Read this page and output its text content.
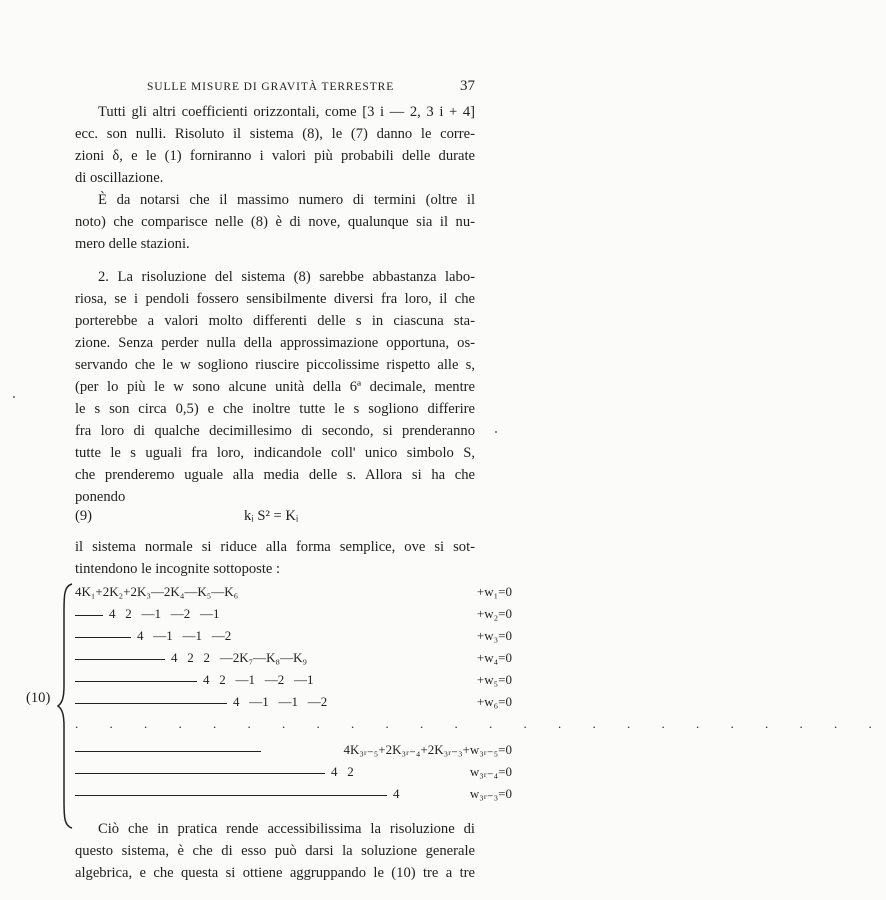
SULLE MISURE DI GRAVITÀ TERRESTRE	37
Tutti gli altri coefficienti orizzontali, come [3 i — 2, 3 i + 4]
ecc. son nulli. Risoluto il sistema (8), le (7) danno le corre-
zioni δ, e le (1) forniranno i valori più probabili delle durate
di oscillazione.
È da notarsi che il massimo numero di termini (oltre il
noto) che comparisce nelle (8) è di nove, qualunque sia il nu-
mero delle stazioni.
2. La risoluzione del sistema (8) sarebbe abbastanza labo-
riosa, se i pendoli fossero sensibilmente diversi fra loro, il che
porterebbe a valori molto differenti delle s in ciascuna sta-
zione. Senza perder nulla della approssimazione opportuna, os-
servando che le w sogliono riuscire piccolissime rispetto alle s,
(per lo più le w sono alcune unità della 6ª decimale, mentre
le s son circa 0,5) e che inoltre tutte le s sogliono differire
fra loro di qualche decimillesimo di secondo, si prenderanno
tutte le s uguali fra loro, indicandole coll' unico simbolo S,
che prenderemo uguale alla media delle s. Allora si ha che
ponendo
(9)	kᵢ S² = Kᵢ
il sistema normale si riduce alla forma semplice, ove si sot-
tintendono le incognite sottoposte :
(10)
4K₁+2K₂+2K₃—2K₄—K₅—K₆	+w₁=0
4   2   —1   —2   —1	+w₂=0
4   —1   —1   —2	+w₃=0
4   2   2   —2K₇—K₈—K₉	+w₄=0
4   2   —1   —2   —1	+w₅=0
4   —1   —1   —2	+w₆=0
. . . . . . . . . . . . . . . . . . . . . . . .
4K₃ᵣ₋₅+2K₃ᵣ₋₄+2K₃ᵣ₋₃+w₃ᵣ₋₅=0
4   2	w₃ᵣ₋₄=0
4	w₃ᵣ₋₃=0
Ciò che in pratica rende accessibilissima la risoluzione di
questo sistema, è che di esso può darsi la soluzione generale
algebrica, e che questa si ottiene aggruppando le (10) tre a tre
